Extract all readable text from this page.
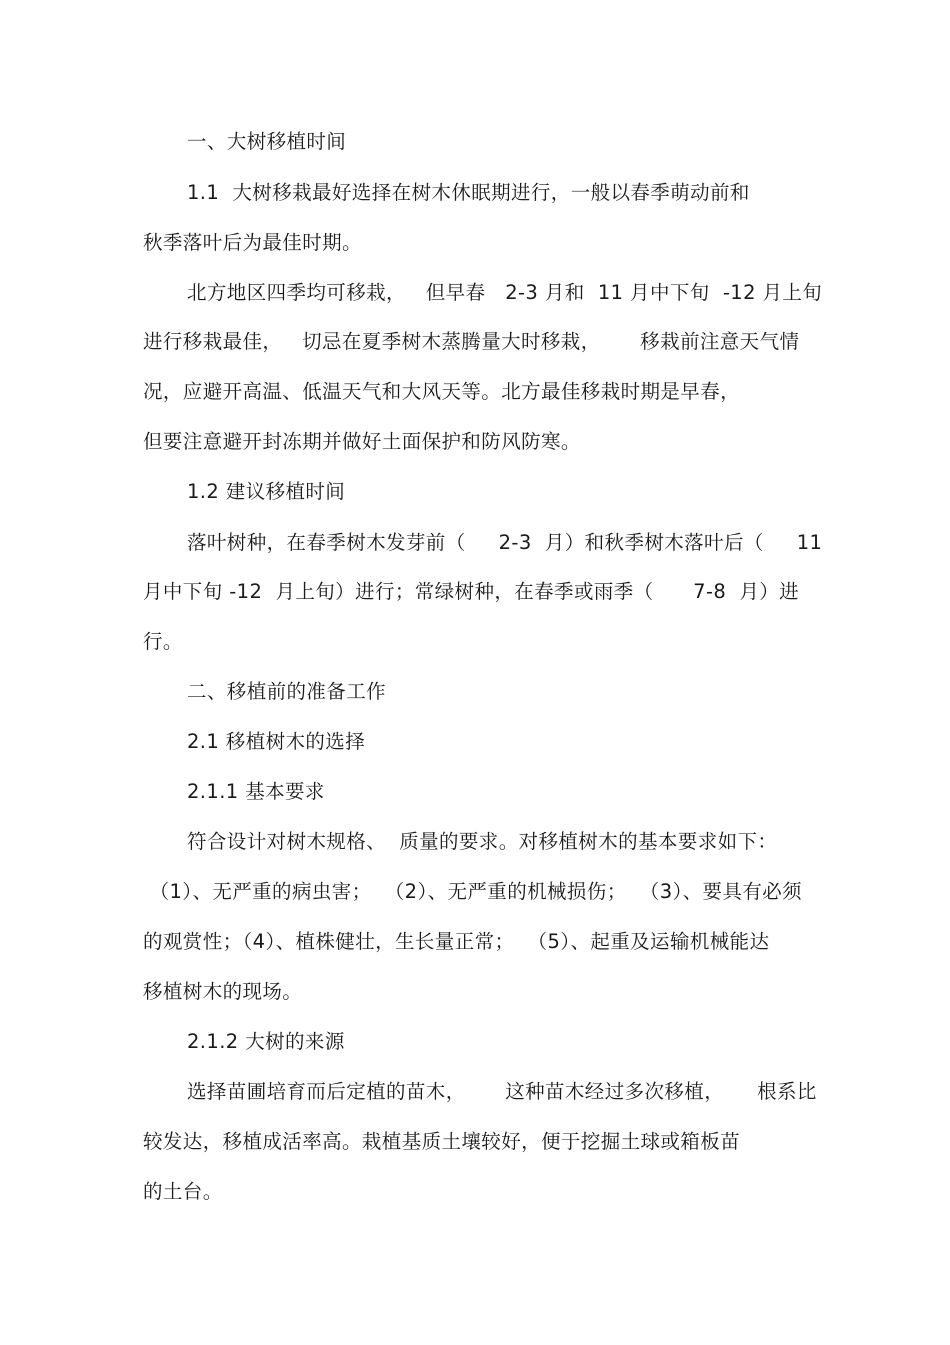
一、大树移植时间
1.1  大树移栽最好选择在树木休眠期进行，一般以春季萌动前和
秋季落叶后为最佳时期。
北方地区四季均可移栽，   但早春   2-3 月和  11 月中下旬  -12 月上旬
进行移栽最佳，   切忌在夏季树木蒸腾量大时移栽，      移栽前注意天气情
况，应避开高温、低温天气和大风天等。北方最佳移栽时期是早春，
但要注意避开封冻期并做好土面保护和防风防寒。
1.2 建议移植时间
落叶树种，在春季树木发芽前（     2-3  月）和秋季树木落叶后（     11
月中下旬 -12  月上旬）进行；常绿树种，在春季或雨季（      7-8  月）进
行。
二、移植前的准备工作
2.1 移植树木的选择
2.1.1 基本要求
符合设计对树木规格、  质量的要求。对移植树木的基本要求如下：
（1）、无严重的病虫害；  （2）、无严重的机械损伤；  （3）、要具有必须
的观赏性；（4）、植株健壮，生长量正常；  （5）、起重及运输机械能达
移植树木的现场。
2.1.2 大树的来源
选择苗圃培育而后定植的苗木，      这种苗木经过多次移植，     根系比
较发达，移植成活率高。栽植基质土壤较好，便于挖掘土球或箱板苗
的土台。
